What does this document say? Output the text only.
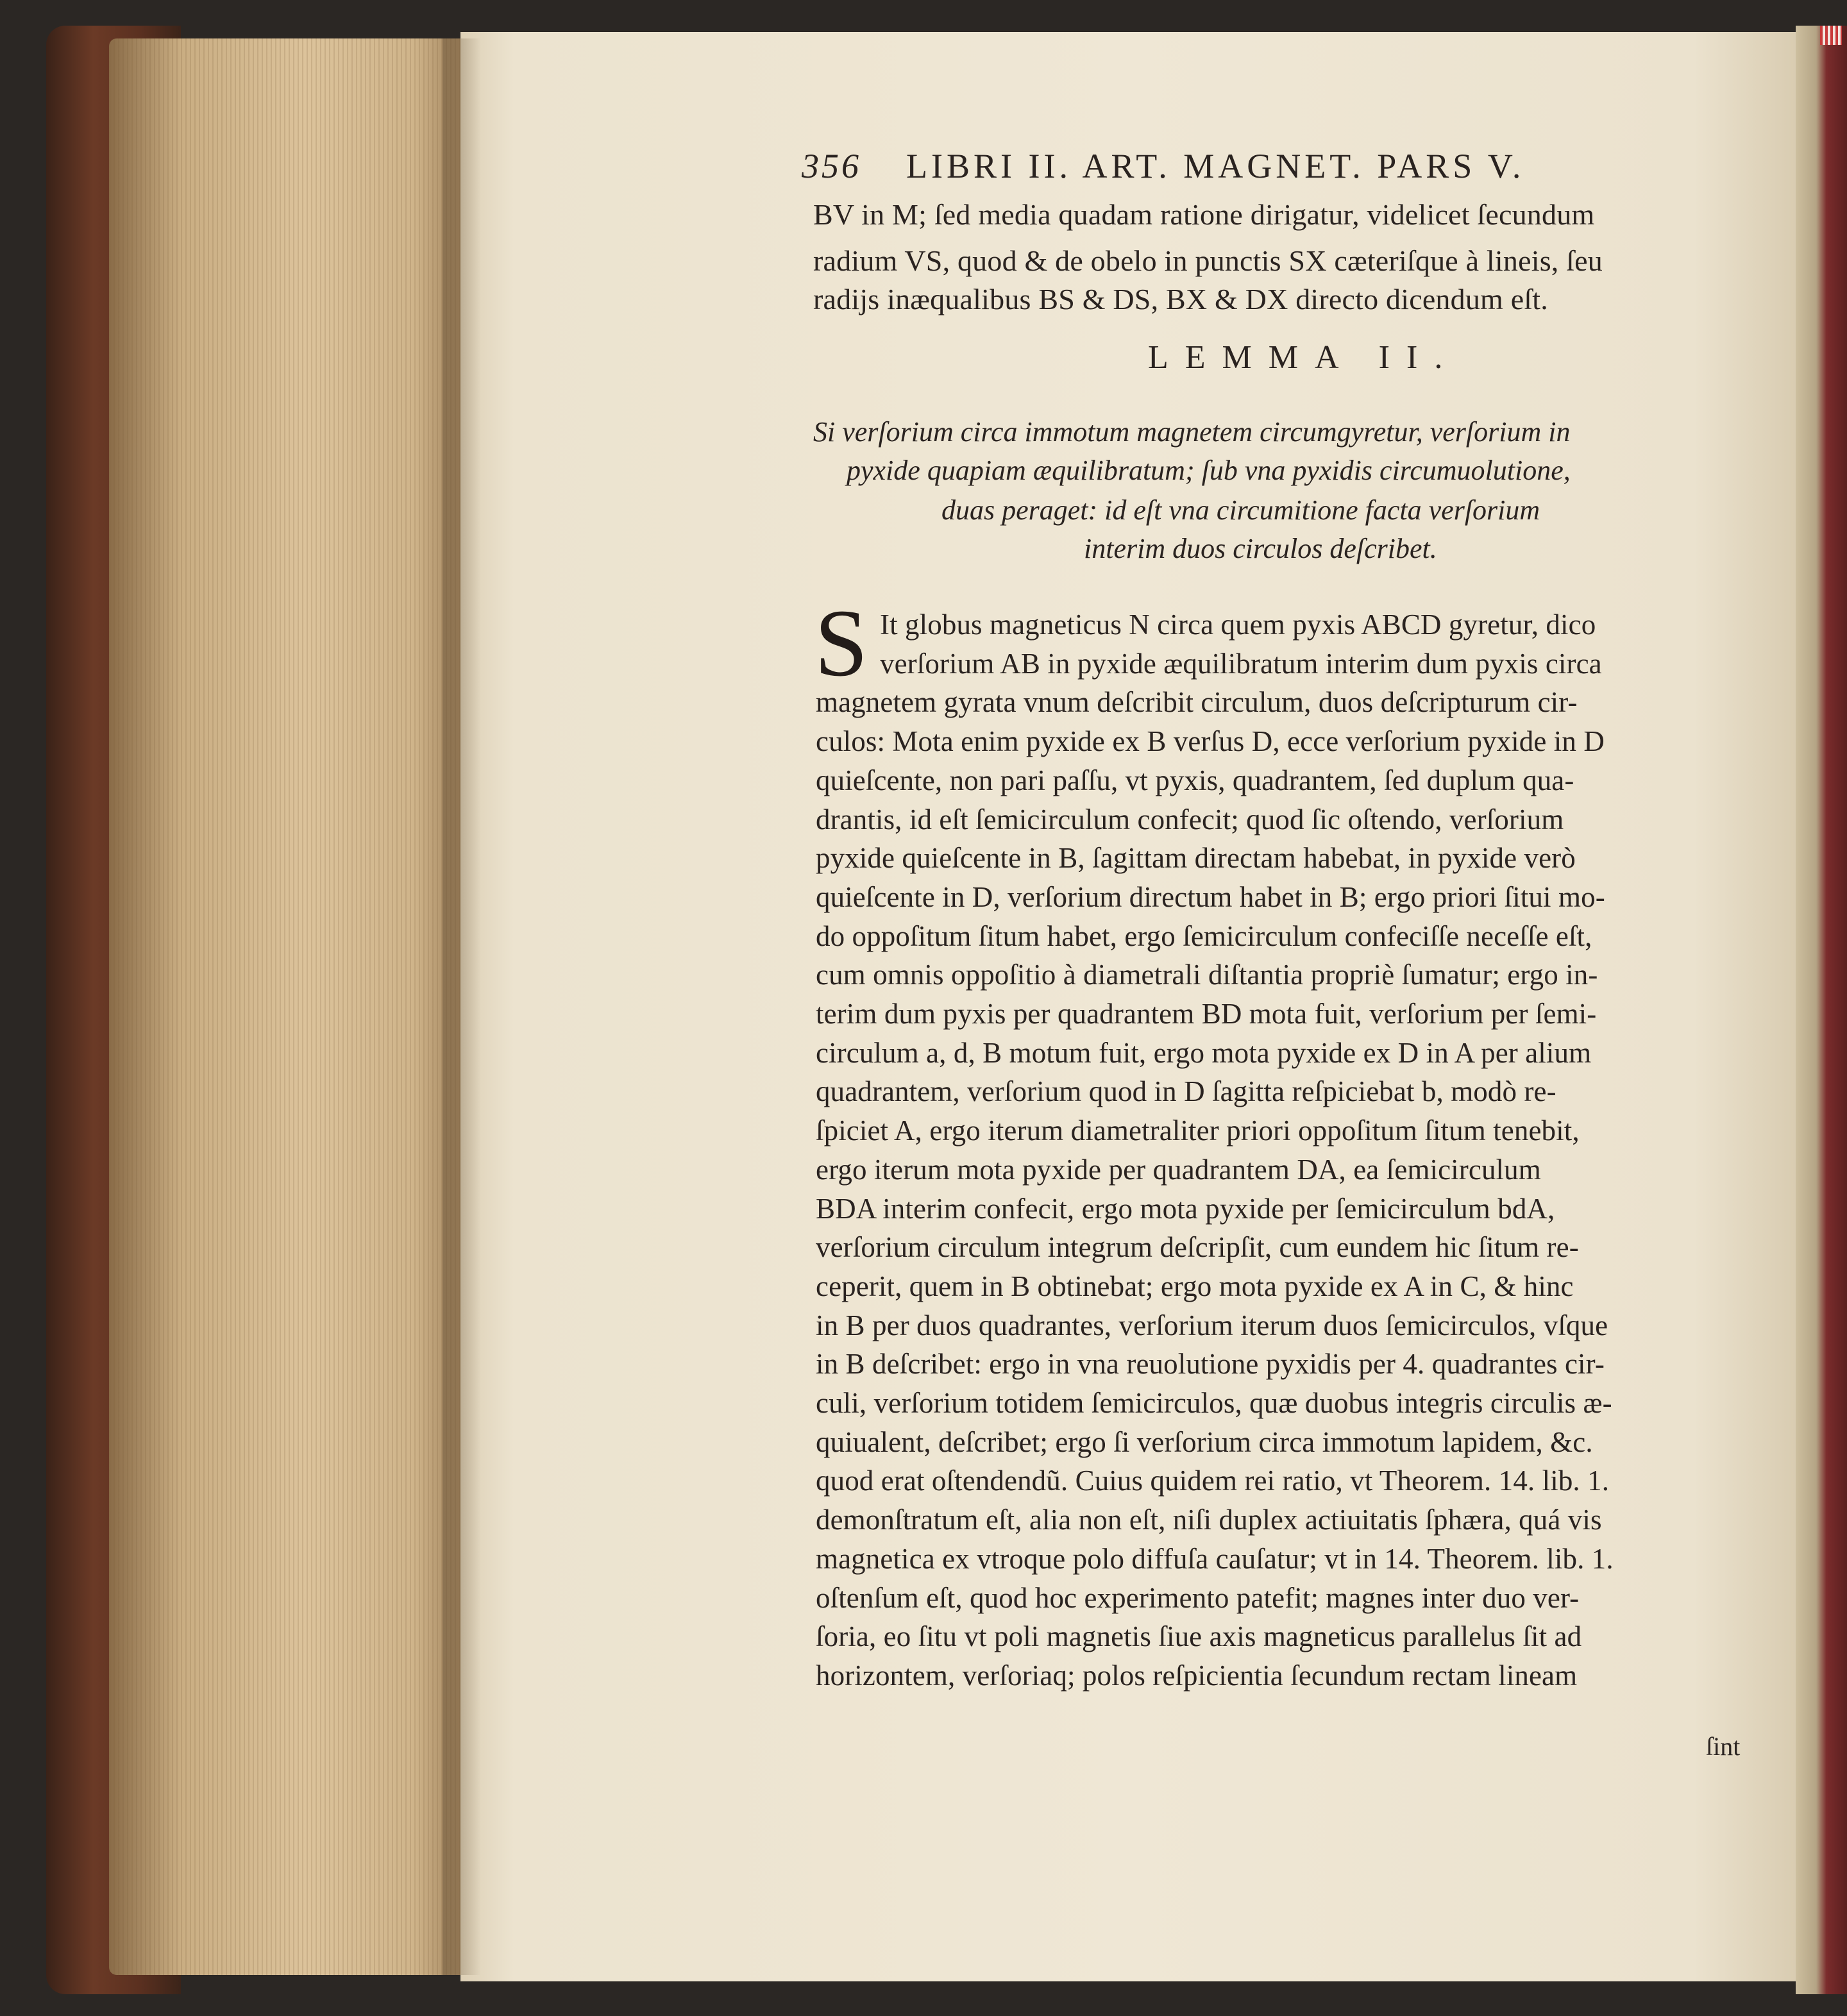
356 LIBRI II. ART. MAGNET. PARS V.
BV in M; ſed media quadam ratione dirigatur, videlicet ſecundum
radium VS, quod & de obelo in punctis SX cæteriſque à lineis, ſeu
radijs inæqualibus BS & DS, BX & DX directo dicendum eſt.
LEMMA II.
Si verſorium circa immotum magnetem circumgyretur, verſorium in
pyxide quapiam æquilibratum; ſub vna pyxidis circumuolutione,
duas peraget: id eſt vna circumitione facta verſorium
interim duos circulos deſcribet.
S It globus magneticus N circa quem pyxis ABCD gyretur, dico
verſorium AB in pyxide æquilibratum interim dum pyxis circa
magnetem gyrata vnum deſcribit circulum, duos deſcripturum cir-
culos: Mota enim pyxide ex B verſus D, ecce verſorium pyxide in D
quieſcente, non pari paſſu, vt pyxis, quadrantem, ſed duplum qua-
drantis, id eſt ſemicirculum confecit; quod ſic oſtendo, verſorium
pyxide quieſcente in B, ſagittam directam habebat, in pyxide verò
quieſcente in D, verſorium directum habet in B; ergo priori ſitui mo-
do oppoſitum ſitum habet, ergo ſemicirculum confeciſſe neceſſe eſt,
cum omnis oppoſitio à diametrali diſtantia propriè ſumatur; ergo in-
terim dum pyxis per quadrantem BD mota fuit, verſorium per ſemi-
circulum a, d, B motum fuit, ergo mota pyxide ex D in A per alium
quadrantem, verſorium quod in D ſagitta reſpiciebat b, modò re-
ſpiciet A, ergo iterum diametraliter priori oppoſitum ſitum tenebit,
ergo iterum mota pyxide per quadrantem DA, ea ſemicirculum
BDA interim confecit, ergo mota pyxide per ſemicirculum bdA,
verſorium circulum integrum deſcripſit, cum eundem hic ſitum re-
ceperit, quem in B obtinebat; ergo mota pyxide ex A in C, & hinc
in B per duos quadrantes, verſorium iterum duos ſemicirculos, vſque
in B deſcribet: ergo in vna reuolutione pyxidis per 4. quadrantes cir-
culi, verſorium totidem ſemicirculos, quæ duobus integris circulis æ-
quiualent, deſcribet; ergo ſi verſorium circa immotum lapidem, &c.
quod erat oſtendendũ. Cuius quidem rei ratio, vt Theorem. 14. lib. 1.
demonſtratum eſt, alia non eſt, niſi duplex actiuitatis ſphæra, quá vis
magnetica ex vtroque polo diffuſa cauſatur; vt in 14. Theorem. lib. 1.
oſtenſum eſt, quod hoc experimento patefit; magnes inter duo ver-
ſoria, eo ſitu vt poli magnetis ſiue axis magneticus parallelus ſit ad
horizontem, verſoriaq; polos reſpicientia ſecundum rectam lineam
ſint
